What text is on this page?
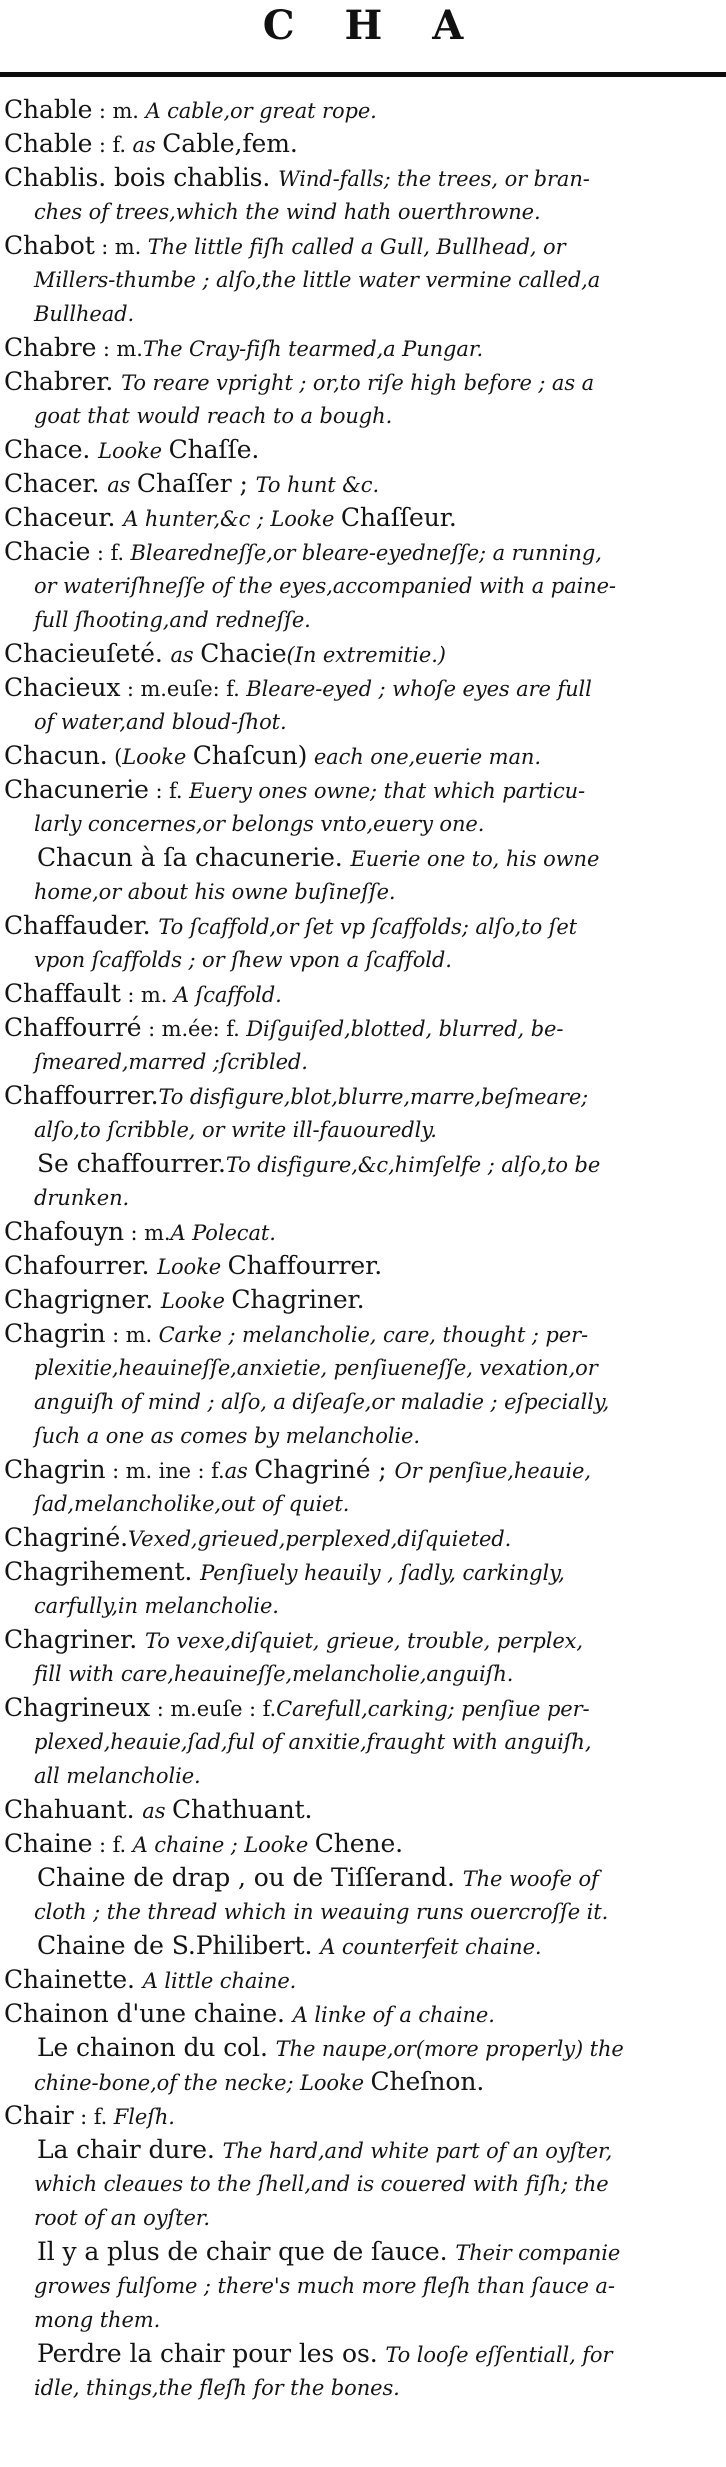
C H A
Chable : m. A cable,or great rope.
Chable : f. as Cable,fem.
Chablis. bois chablis. Wind-falls; the trees, or bran-
ches of trees,which the wind hath ouerthrowne.
Chabot : m. The little fiſh called a Gull, Bullhead, or
Millers-thumbe ; alſo,the little water vermine called,a
Bullhead.
Chabre : m.The Cray-fiſh tearmed,a Pungar.
Chabrer. To reare vpright ; or,to riſe high before ; as a
goat that would reach to a bough.
Chace. Looke Chaſſe.
Chacer. as Chaſſer ; To hunt &c.
Chaceur. A hunter,&c ; Looke Chaſſeur.
Chacie : f. Blearedneſſe,or bleare-eyedneſſe; a running,
or wateriſhneſſe of the eyes,accompanied with a paine-
full ſhooting,and redneſſe.
Chacieuſeté. as Chacie(In extremitie.)
Chacieux : m.euſe: f. Bleare-eyed ; whoſe eyes are full
of water,and bloud-ſhot.
Chacun. (Looke Chaſcun) each one,euerie man.
Chacunerie : f. Euery ones owne; that which particu-
larly concernes,or belongs vnto,euery one.
Chacun à ſa chacunerie. Euerie one to, his owne
home,or about his owne buſineſſe.
Chaffauder. To ſcaffold,or ſet vp ſcaffolds; alſo,to ſet
vpon ſcaffolds ; or ſhew vpon a ſcaffold.
Chaffault : m. A ſcaffold.
Chaffourré : m.ée: f. Diſguiſed,blotted, blurred, be-
ſmeared,marred ;ſcribled.
Chaffourrer.To disfigure,blot,blurre,marre,beſmeare;
alſo,to ſcribble, or write ill-fauouredly.
Se chaffourrer.To disfigure,&c,himſelfe ; alſo,to be
drunken.
Chafouyn : m.A Polecat.
Chafourrer. Looke Chaffourrer.
Chagrigner. Looke Chagriner.
Chagrin : m. Carke ; melancholie, care, thought ; per-
plexitie,heauineſſe,anxietie, penſiueneſſe, vexation,or
anguiſh of mind ; alſo, a diſeaſe,or maladie ; eſpecially,
ſuch a one as comes by melancholie.
Chagrin : m. ine : f.as Chagriné ; Or penſiue,heauie,
ſad,melancholike,out of quiet.
Chagriné.Vexed,grieued,perplexed,diſquieted.
Chagrihement. Penſiuely heauily , ſadly, carkingly,
carfully,in melancholie.
Chagriner. To vexe,diſquiet, grieue, trouble, perplex,
fill with care,heauineſſe,melancholie,anguiſh.
Chagrineux : m.euſe : f.Carefull,carking; penſiue per-
plexed,heauie,ſad,ful of anxitie,fraught with anguiſh,
all melancholie.
Chahuant. as Chathuant.
Chaine : f. A chaine ; Looke Chene.
Chaine de drap , ou de Tiſſerand. The woofe of
cloth ; the thread which in weauing runs ouercroſſe it.
Chaine de S.Philibert. A counterfeit chaine.
Chainette. A little chaine.
Chainon d'une chaine. A linke of a chaine.
Le chainon du col. The naupe,or(more properly) the
chine-bone,of the necke; Looke Cheſnon.
Chair : f. Fleſh.
La chair dure. The hard,and white part of an oyſter,
which cleaues to the ſhell,and is couered with fiſh; the
root of an oyſter.
Il y a plus de chair que de ſauce. Their companie
growes fulſome ; there's much more fleſh than ſauce a-
mong them.
Perdre la chair pour les os. To looſe eſſentiall, for
idle, things,the fleſh for the bones.
